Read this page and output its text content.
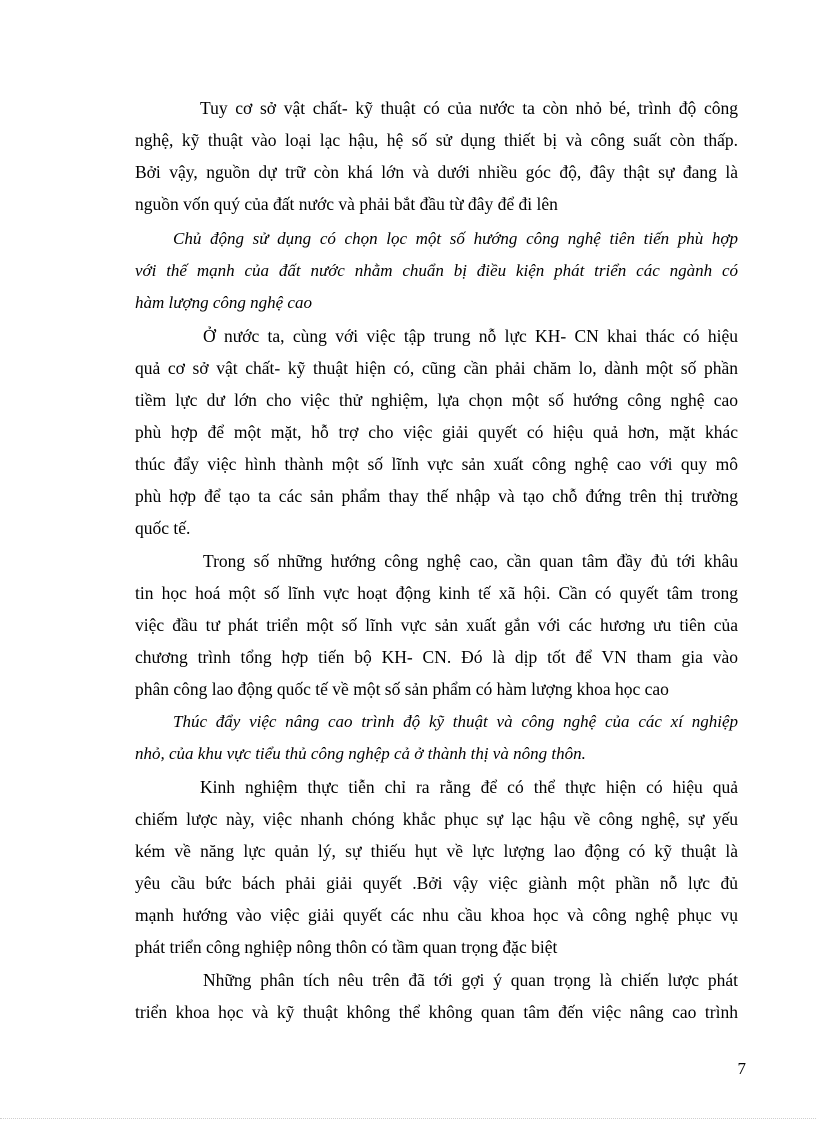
Tuy cơ sở vật chất- kỹ thuật có của nước ta còn nhỏ bé, trình độ công
nghệ, kỹ thuật vào loại lạc hậu, hệ số sử dụng thiết bị và công suất còn thấp.
Bởi vậy, nguồn dự trữ còn khá lớn và dưới nhiều góc độ, đây thật sự đang là
nguồn vốn quý của đất nước và phải bắt đầu từ đây để đi lên
Chủ động sử dụng có chọn lọc một số hướng công nghệ tiên tiến phù hợp
với thế mạnh của đất nước nhằm chuẩn bị điều kiện phát triển các ngành có
hàm lượng công nghệ cao
Ở nước ta, cùng với việc tập trung nỗ lực KH- CN khai thác có hiệu
quả cơ sở vật chất- kỹ thuật hiện có, cũng cần phải chăm lo, dành một số phần
tiềm lực dư lớn cho việc thử nghiệm, lựa chọn một số hướng công nghệ cao
phù hợp để một mặt, hỗ trợ cho việc giải quyết có hiệu quả hơn, mặt khác
thúc đẩy việc hình thành một số lĩnh vực sản xuất công nghệ cao với quy mô
phù hợp để tạo ta các sản phẩm thay thế nhập và tạo chỗ đứng trên thị trường
quốc tế.
Trong số những hướng công nghệ cao, cần quan tâm đầy đủ tới khâu
tin học hoá một số lĩnh vực hoạt động kinh tế xã hội. Cần có quyết tâm trong
việc đầu tư phát triển một số lĩnh vực sản xuất gắn với các hương ưu tiên của
chương trình tổng hợp tiến bộ KH- CN. Đó là dịp tốt để VN tham gia vào
phân công lao động quốc tế về một số sản phẩm có hàm lượng khoa học cao
Thúc đẩy việc nâng cao trình độ kỹ thuật và công nghệ của các xí nghiệp
nhỏ, của khu vực tiểu thủ công nghệp cả ở thành thị và nông thôn.
Kinh nghiệm thực tiễn chỉ ra rằng để có thể thực hiện có hiệu quả
chiếm lược này, việc nhanh chóng khắc phục sự lạc hậu về công nghệ, sự yếu
kém về năng lực quản lý, sự thiếu hụt về lực lượng lao động có kỹ thuật là
yêu cầu bức bách phải giải quyết .Bởi vậy việc giành một phần nỗ lực đủ
mạnh hướng vào việc giải quyết các nhu cầu khoa học và công nghệ phục vụ
phát triển công nghiệp nông thôn có tầm quan trọng đặc biệt
Những phân tích nêu trên đã tới gợi ý quan trọng là chiến lược phát
triển khoa học và kỹ thuật không thể không quan tâm đến việc nâng cao trình
7
